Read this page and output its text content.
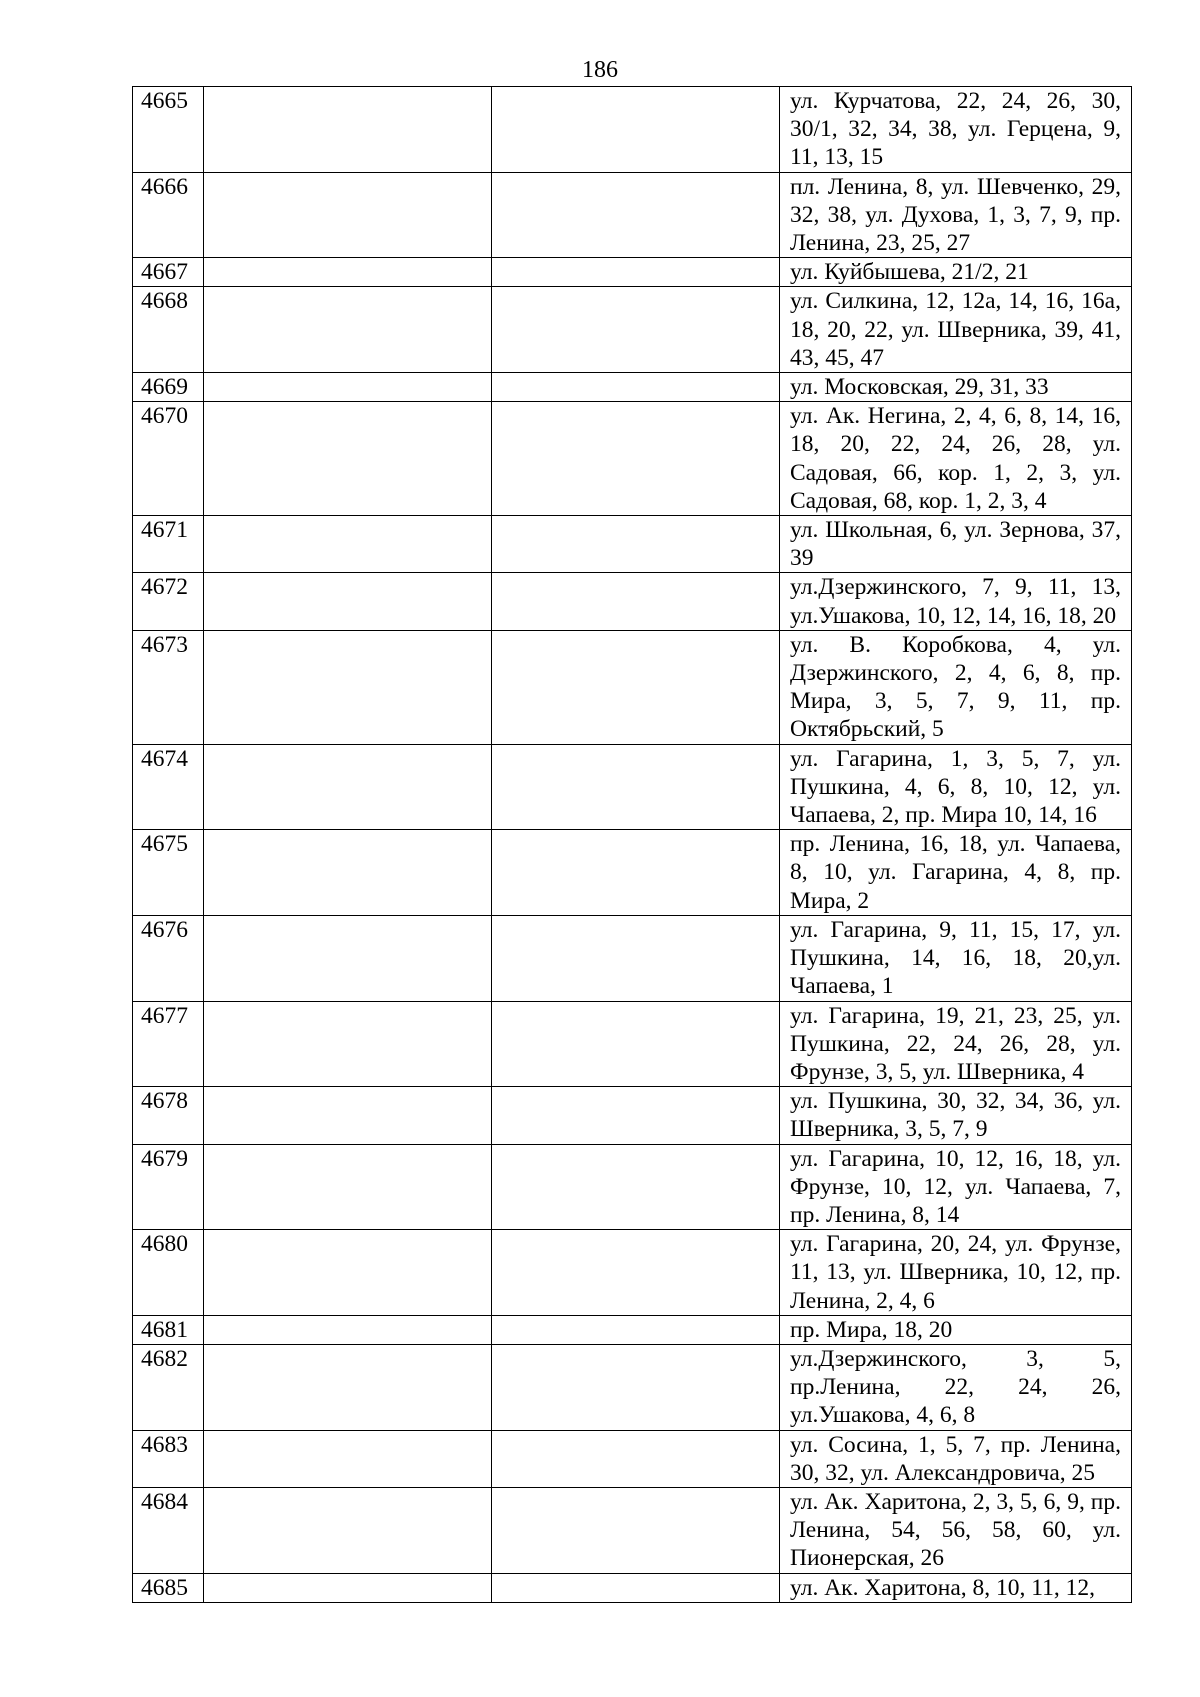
186
4665			ул. Курчатова, 22, 24, 26, 30, 30/1, 32, 34, 38, ул. Герцена, 9, 11, 13, 15
4666			пл. Ленина, 8, ул. Шевченко, 29, 32, 38, ул. Духова, 1, 3, 7, 9, пр. Ленина, 23, 25, 27
4667			ул. Куйбышева, 21/2, 21
4668			ул. Силкина, 12, 12а, 14, 16, 16а, 18, 20, 22, ул. Шверника, 39, 41, 43, 45, 47
4669			ул. Московская, 29, 31, 33
4670			ул. Ак. Негина, 2, 4, 6, 8, 14, 16, 18, 20, 22, 24, 26, 28, ул. Садовая, 66, кор. 1, 2, 3, ул. Садовая, 68, кор. 1, 2, 3, 4
4671			ул. Школьная, 6, ул. Зернова, 37, 39
4672			ул.Дзержинского, 7, 9, 11, 13, ул.Ушакова, 10, 12, 14, 16, 18, 20
4673			ул. В. Коробкова, 4, ул. Дзержинского, 2, 4, 6, 8, пр. Мира, 3, 5, 7, 9, 11, пр. Октябрьский, 5
4674			ул. Гагарина, 1, 3, 5, 7, ул. Пушкина, 4, 6, 8, 10, 12, ул. Чапаева, 2, пр. Мира 10, 14, 16
4675			пр. Ленина, 16, 18, ул. Чапаева, 8, 10, ул. Гагарина, 4, 8, пр. Мира, 2
4676			ул. Гагарина, 9, 11, 15, 17, ул. Пушкина, 14, 16, 18, 20,ул. Чапаева, 1
4677			ул. Гагарина, 19, 21, 23, 25, ул. Пушкина, 22, 24, 26, 28, ул. Фрунзе, 3, 5, ул. Шверника, 4
4678			ул. Пушкина, 30, 32, 34, 36, ул. Шверника, 3, 5, 7, 9
4679			ул. Гагарина, 10, 12, 16, 18, ул. Фрунзе, 10, 12, ул. Чапаева, 7, пр. Ленина, 8, 14
4680			ул. Гагарина, 20, 24, ул. Фрунзе, 11, 13, ул. Шверника, 10, 12, пр. Ленина, 2, 4, 6
4681			пр. Мира, 18, 20
4682			ул.Дзержинского, 3, 5, пр.Ленина, 22, 24, 26, ул.Ушакова, 4, 6, 8
4683			ул. Сосина, 1, 5, 7, пр. Ленина, 30, 32, ул. Александровича, 25
4684			ул. Ак. Харитона, 2, 3, 5, 6, 9, пр. Ленина, 54, 56, 58, 60, ул. Пионерская, 26
4685			ул. Ак. Харитона, 8, 10, 11, 12,
